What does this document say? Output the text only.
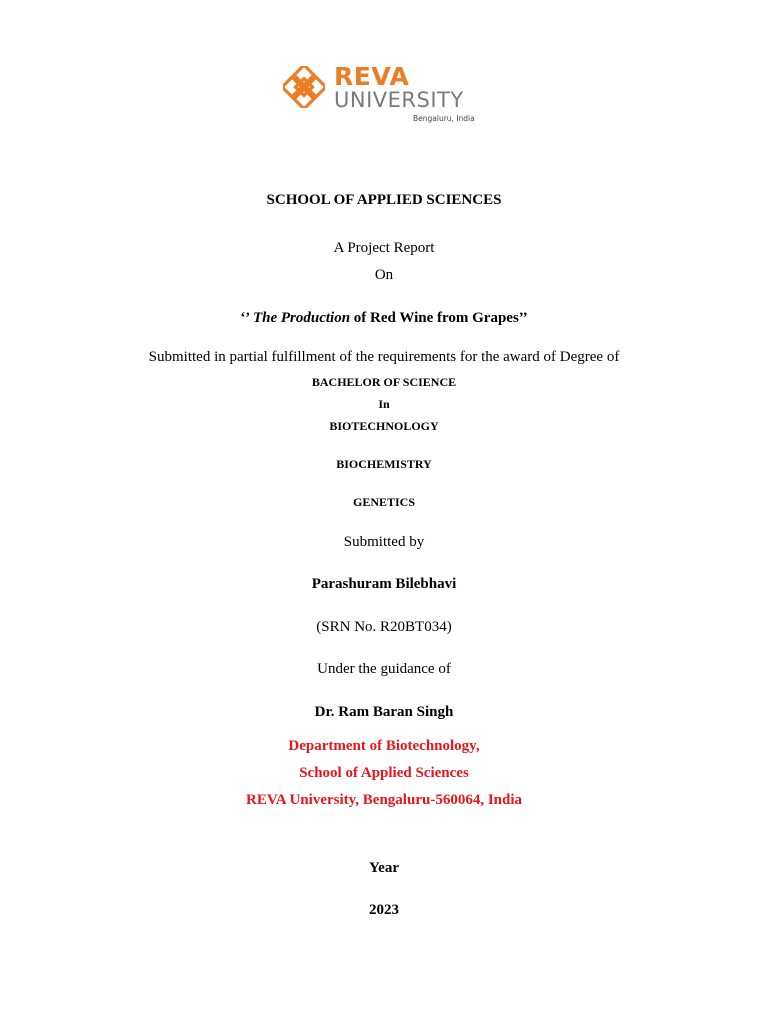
REVA
UNIVERSITY
Bengaluru, India
SCHOOL OF APPLIED SCIENCES
A Project Report
On
‘’ The Production of Red Wine from Grapes’’
Submitted in partial fulfillment of the requirements for the award of Degree of
BACHELOR OF SCIENCE
In
BIOTECHNOLOGY
BIOCHEMISTRY
GENETICS
Submitted by
Parashuram Bilebhavi
(SRN No. R20BT034)
Under the guidance of
Dr. Ram Baran Singh
Department of Biotechnology,
School of Applied Sciences
REVA University, Bengaluru-560064, India
Year
2023
